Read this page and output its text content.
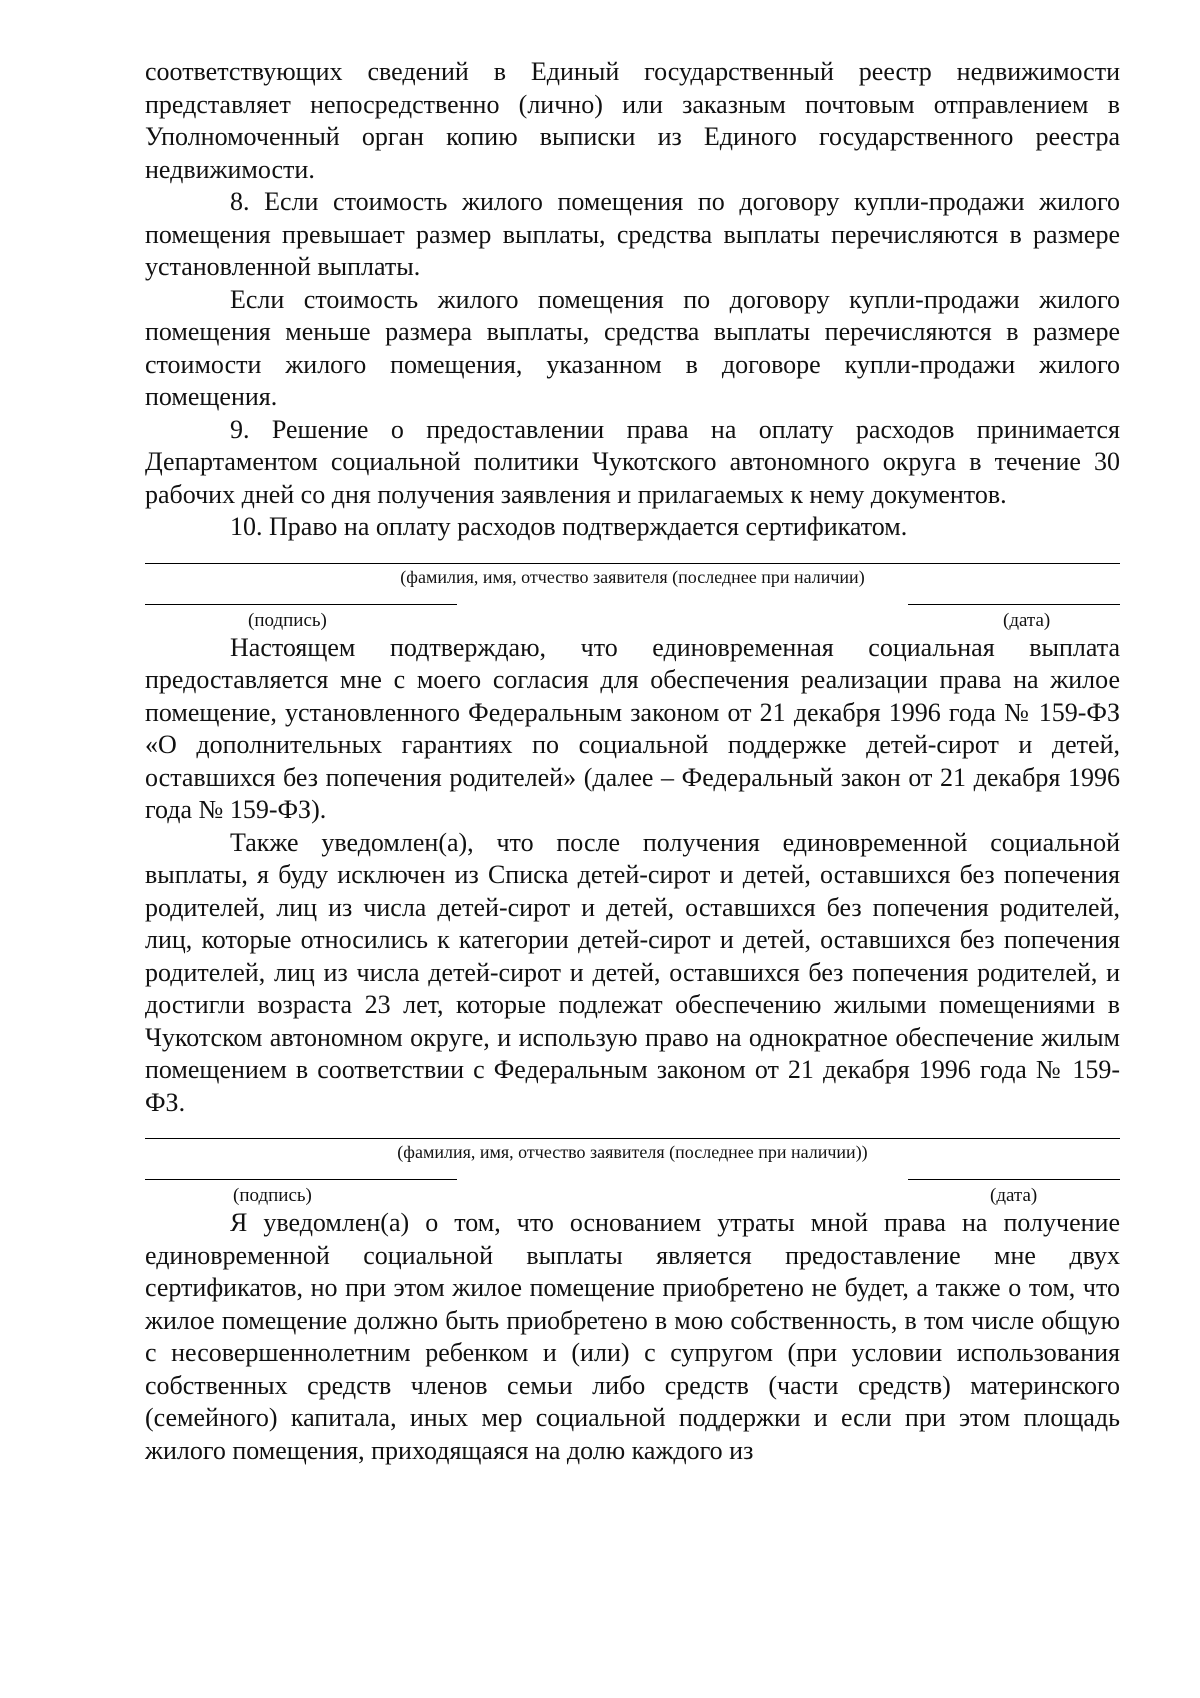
соответствующих сведений в Единый государственный реестр недвижимости представляет непосредственно (лично) или заказным почтовым отправлением в Уполномоченный орган копию выписки из Единого государственного реестра недвижимости.

8. Если стоимость жилого помещения по договору купли-продажи жилого помещения превышает размер выплаты, средства выплаты перечисляются в размере установленной выплаты.

Если стоимость жилого помещения по договору купли-продажи жилого помещения меньше размера выплаты, средства выплаты перечисляются в размере стоимости жилого помещения, указанном в договоре купли-продажи жилого помещения.

9. Решение о предоставлении права на оплату расходов принимается Департаментом социальной политики Чукотского автономного округа в течение 30 рабочих дней со дня получения заявления и прилагаемых к нему документов.

10. Право на оплату расходов подтверждается сертификатом.

(фамилия, имя, отчество заявителя (последнее при наличии)

(подпись)	(дата)

Настоящем подтверждаю, что единовременная социальная выплата предоставляется мне с моего согласия для обеспечения реализации права на жилое помещение, установленного Федеральным законом от 21 декабря 1996 года № 159-ФЗ «О дополнительных гарантиях по социальной поддержке детей-сирот и детей, оставшихся без попечения родителей» (далее – Федеральный закон от 21 декабря 1996 года № 159-ФЗ).

Также уведомлен(а), что после получения единовременной социальной выплаты, я буду исключен из Списка детей-сирот и детей, оставшихся без попечения родителей, лиц из числа детей-сирот и детей, оставшихся без попечения родителей, лиц, которые относились к категории детей-сирот и детей, оставшихся без попечения родителей, лиц из числа детей-сирот и детей, оставшихся без попечения родителей, и достигли возраста 23 лет, которые подлежат обеспечению жилыми помещениями в Чукотском автономном округе, и использую право на однократное обеспечение жилым помещением в соответствии с Федеральным законом от 21 декабря 1996 года № 159-ФЗ.

(фамилия, имя, отчество заявителя (последнее при наличии))

(подпись)	(дата)

Я уведомлен(а) о том, что основанием утраты мной права на получение единовременной социальной выплаты является предоставление мне двух сертификатов, но при этом жилое помещение приобретено не будет, а также о том, что жилое помещение должно быть приобретено в мою собственность, в том числе общую с несовершеннолетним ребенком и (или) с супругом (при условии использования собственных средств членов семьи либо средств (части средств) материнского (семейного) капитала, иных мер социальной поддержки и если при этом площадь жилого помещения, приходящаяся на долю каждого из
